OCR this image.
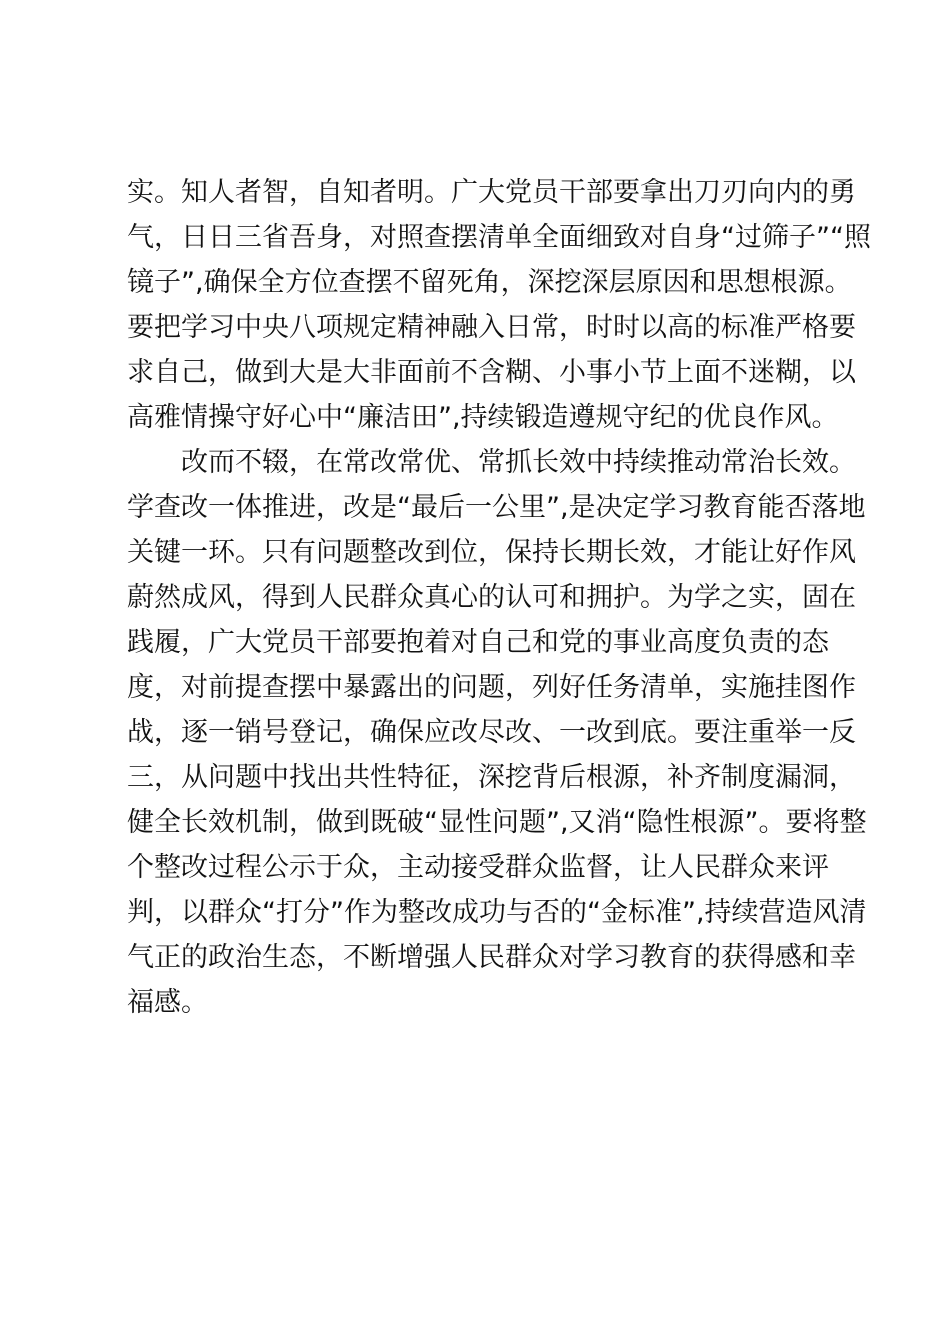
实。知人者智，自知者明。广大党员干部要拿出刀刃向内的勇
气，日日三省吾身，对照查摆清单全面细致对自身“过筛子”“照
镜子”,确保全方位查摆不留死角，深挖深层原因和思想根源。
要把学习中央八项规定精神融入日常，时时以高的标准严格要
求自己，做到大是大非面前不含糊、小事小节上面不迷糊，以
高雅情操守好心中“廉洁田”,持续锻造遵规守纪的优良作风。
改而不辍，在常改常优、常抓长效中持续推动常治长效。
学查改一体推进，改是“最后一公里”,是决定学习教育能否落地
关键一环。只有问题整改到位，保持长期长效，才能让好作风
蔚然成风，得到人民群众真心的认可和拥护。为学之实，固在
践履，广大党员干部要抱着对自己和党的事业高度负责的态
度，对前提查摆中暴露出的问题，列好任务清单，实施挂图作
战，逐一销号登记，确保应改尽改、一改到底。要注重举一反
三，从问题中找出共性特征，深挖背后根源，补齐制度漏洞，
健全长效机制，做到既破“显性问题”,又消“隐性根源”。要将整
个整改过程公示于众，主动接受群众监督，让人民群众来评
判，以群众“打分”作为整改成功与否的“金标准”,持续营造风清
气正的政治生态，不断增强人民群众对学习教育的获得感和幸
福感。
